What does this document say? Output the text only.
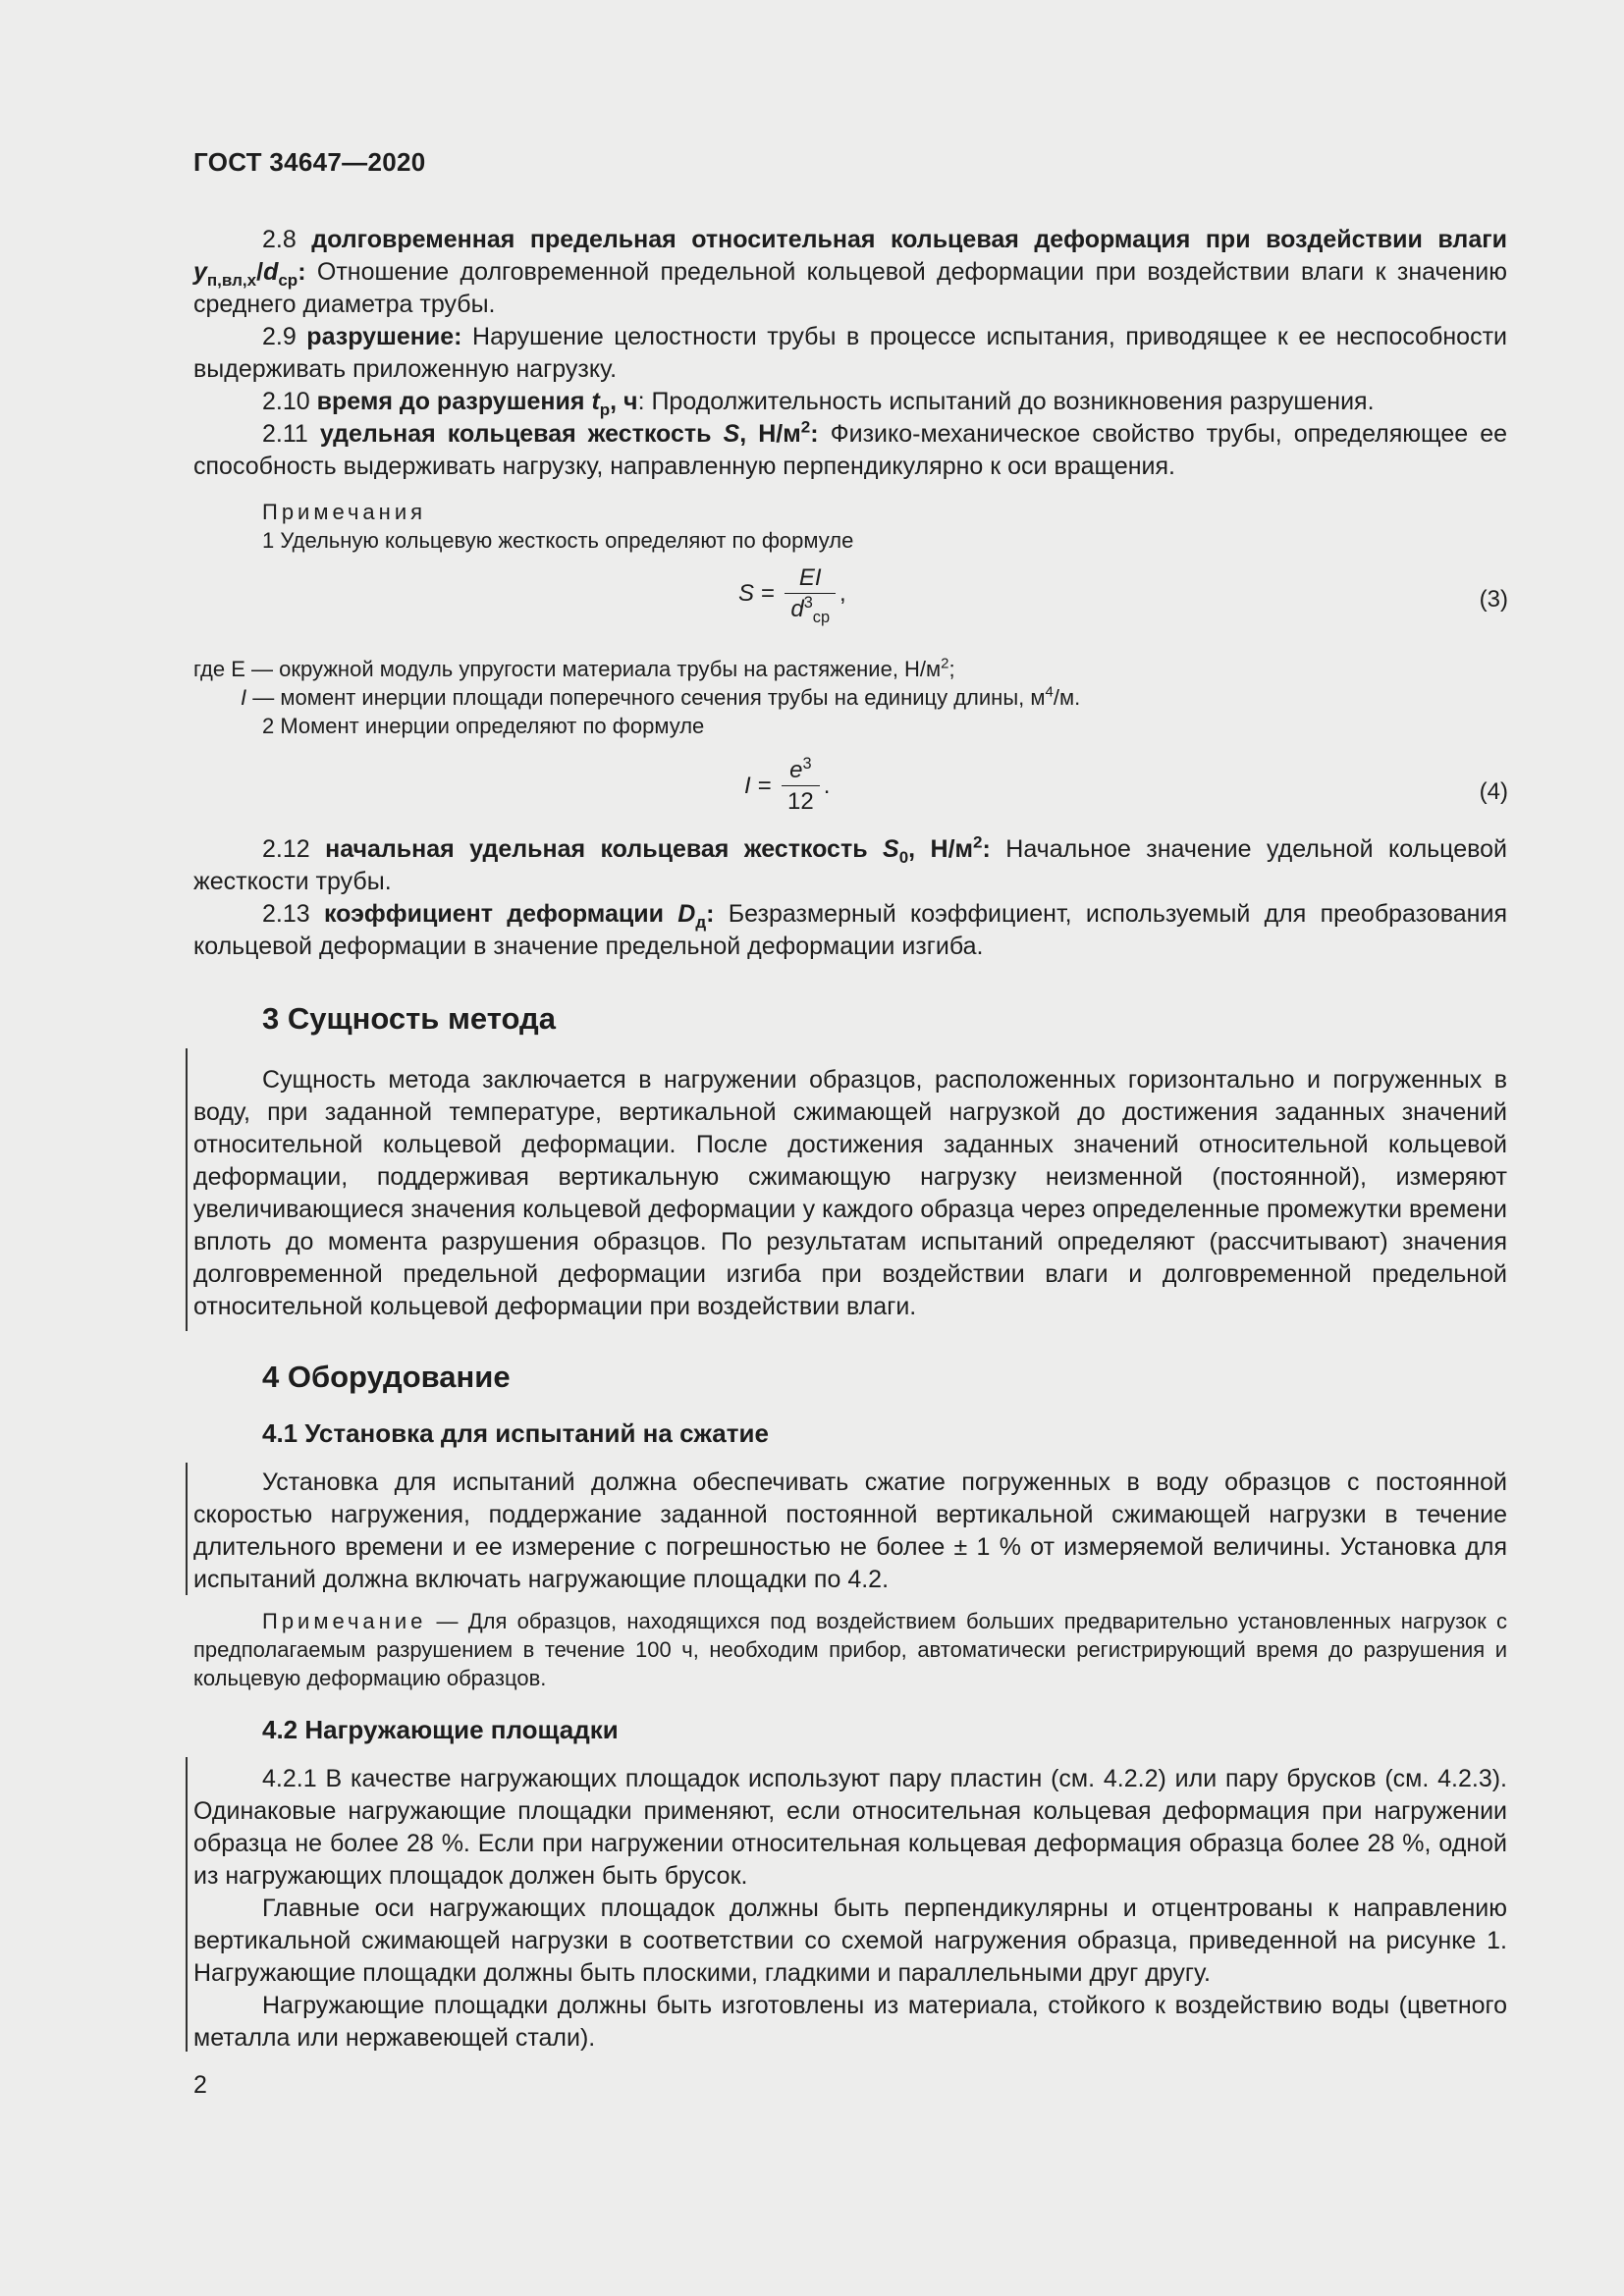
ГОСТ 34647—2020

2.8 долговременная предельная относительная кольцевая деформация при воздействии влаги $y_{п,вл,x}/d_{ср}$: Отношение долговременной предельной кольцевой деформации при воздействии влаги к значению среднего диаметра трубы.

2.9 разрушение: Нарушение целостности трубы в процессе испытания, приводящее к ее неспособности выдерживать приложенную нагрузку.

2.10 время до разрушения $t_р$, ч: Продолжительность испытаний до возникновения разрушения.

2.11 удельная кольцевая жесткость S, $Н/м^2$: Физико-механическое свойство трубы, определяющее ее способность выдерживать нагрузку, направленную перпендикулярно к оси вращения.

Примечания

1 Удельную кольцевую жесткость определяют по формуле

$S = \frac{EI}{d^3_{ср}}$ ,	(3)

где E — окружной модуль упругости материала трубы на растяжение, $Н/м^2$;

I — момент инерции площади поперечного сечения трубы на единицу длины, $м^4/м$.

2 Момент инерции определяют по формуле

$I = \frac{e^3}{12}$ .	(4)

2.12 начальная удельная кольцевая жесткость $S_0$, $Н/м^2$: Начальное значение удельной кольцевой жесткости трубы.

2.13 коэффициент деформации $D_д$: Безразмерный коэффициент, используемый для преобразования кольцевой деформации в значение предельной деформации изгиба.

3 Сущность метода

Сущность метода заключается в нагружении образцов, расположенных горизонтально и погруженных в воду, при заданной температуре, вертикальной сжимающей нагрузкой до достижения заданных значений относительной кольцевой деформации. После достижения заданных значений относительной кольцевой деформации, поддерживая вертикальную сжимающую нагрузку неизменной (постоянной), измеряют увеличивающиеся значения кольцевой деформации у каждого образца через определенные промежутки времени вплоть до момента разрушения образцов. По результатам испытаний определяют (рассчитывают) значения долговременной предельной деформации изгиба при воздействии влаги и долговременной предельной относительной кольцевой деформации при воздействии влаги.

4 Оборудование
4.1 Установка для испытаний на сжатие

Установка для испытаний должна обеспечивать сжатие погруженных в воду образцов с постоянной скоростью нагружения, поддержание заданной постоянной вертикальной сжимающей нагрузки в течение длительного времени и ее измерение с погрешностью не более ± 1 % от измеряемой величины. Установка для испытаний должна включать нагружающие площадки по 4.2.

Примечание — Для образцов, находящихся под воздействием больших предварительно установленных нагрузок с предполагаемым разрушением в течение 100 ч, необходим прибор, автоматически регистрирующий время до разрушения и кольцевую деформацию образцов.

4.2 Нагружающие площадки

4.2.1 В качестве нагружающих площадок используют пару пластин (см. 4.2.2) или пару брусков (см. 4.2.3). Одинаковые нагружающие площадки применяют, если относительная кольцевая деформация при нагружении образца не более 28 %. Если при нагружении относительная кольцевая деформация образца более 28 %, одной из нагружающих площадок должен быть брусок.

Главные оси нагружающих площадок должны быть перпендикулярны и отцентрованы к направлению вертикальной сжимающей нагрузки в соответствии со схемой нагружения образца, приведенной на рисунке 1. Нагружающие площадки должны быть плоскими, гладкими и параллельными друг другу.

Нагружающие площадки должны быть изготовлены из материала, стойкого к воздействию воды (цветного металла или нержавеющей стали).

2
